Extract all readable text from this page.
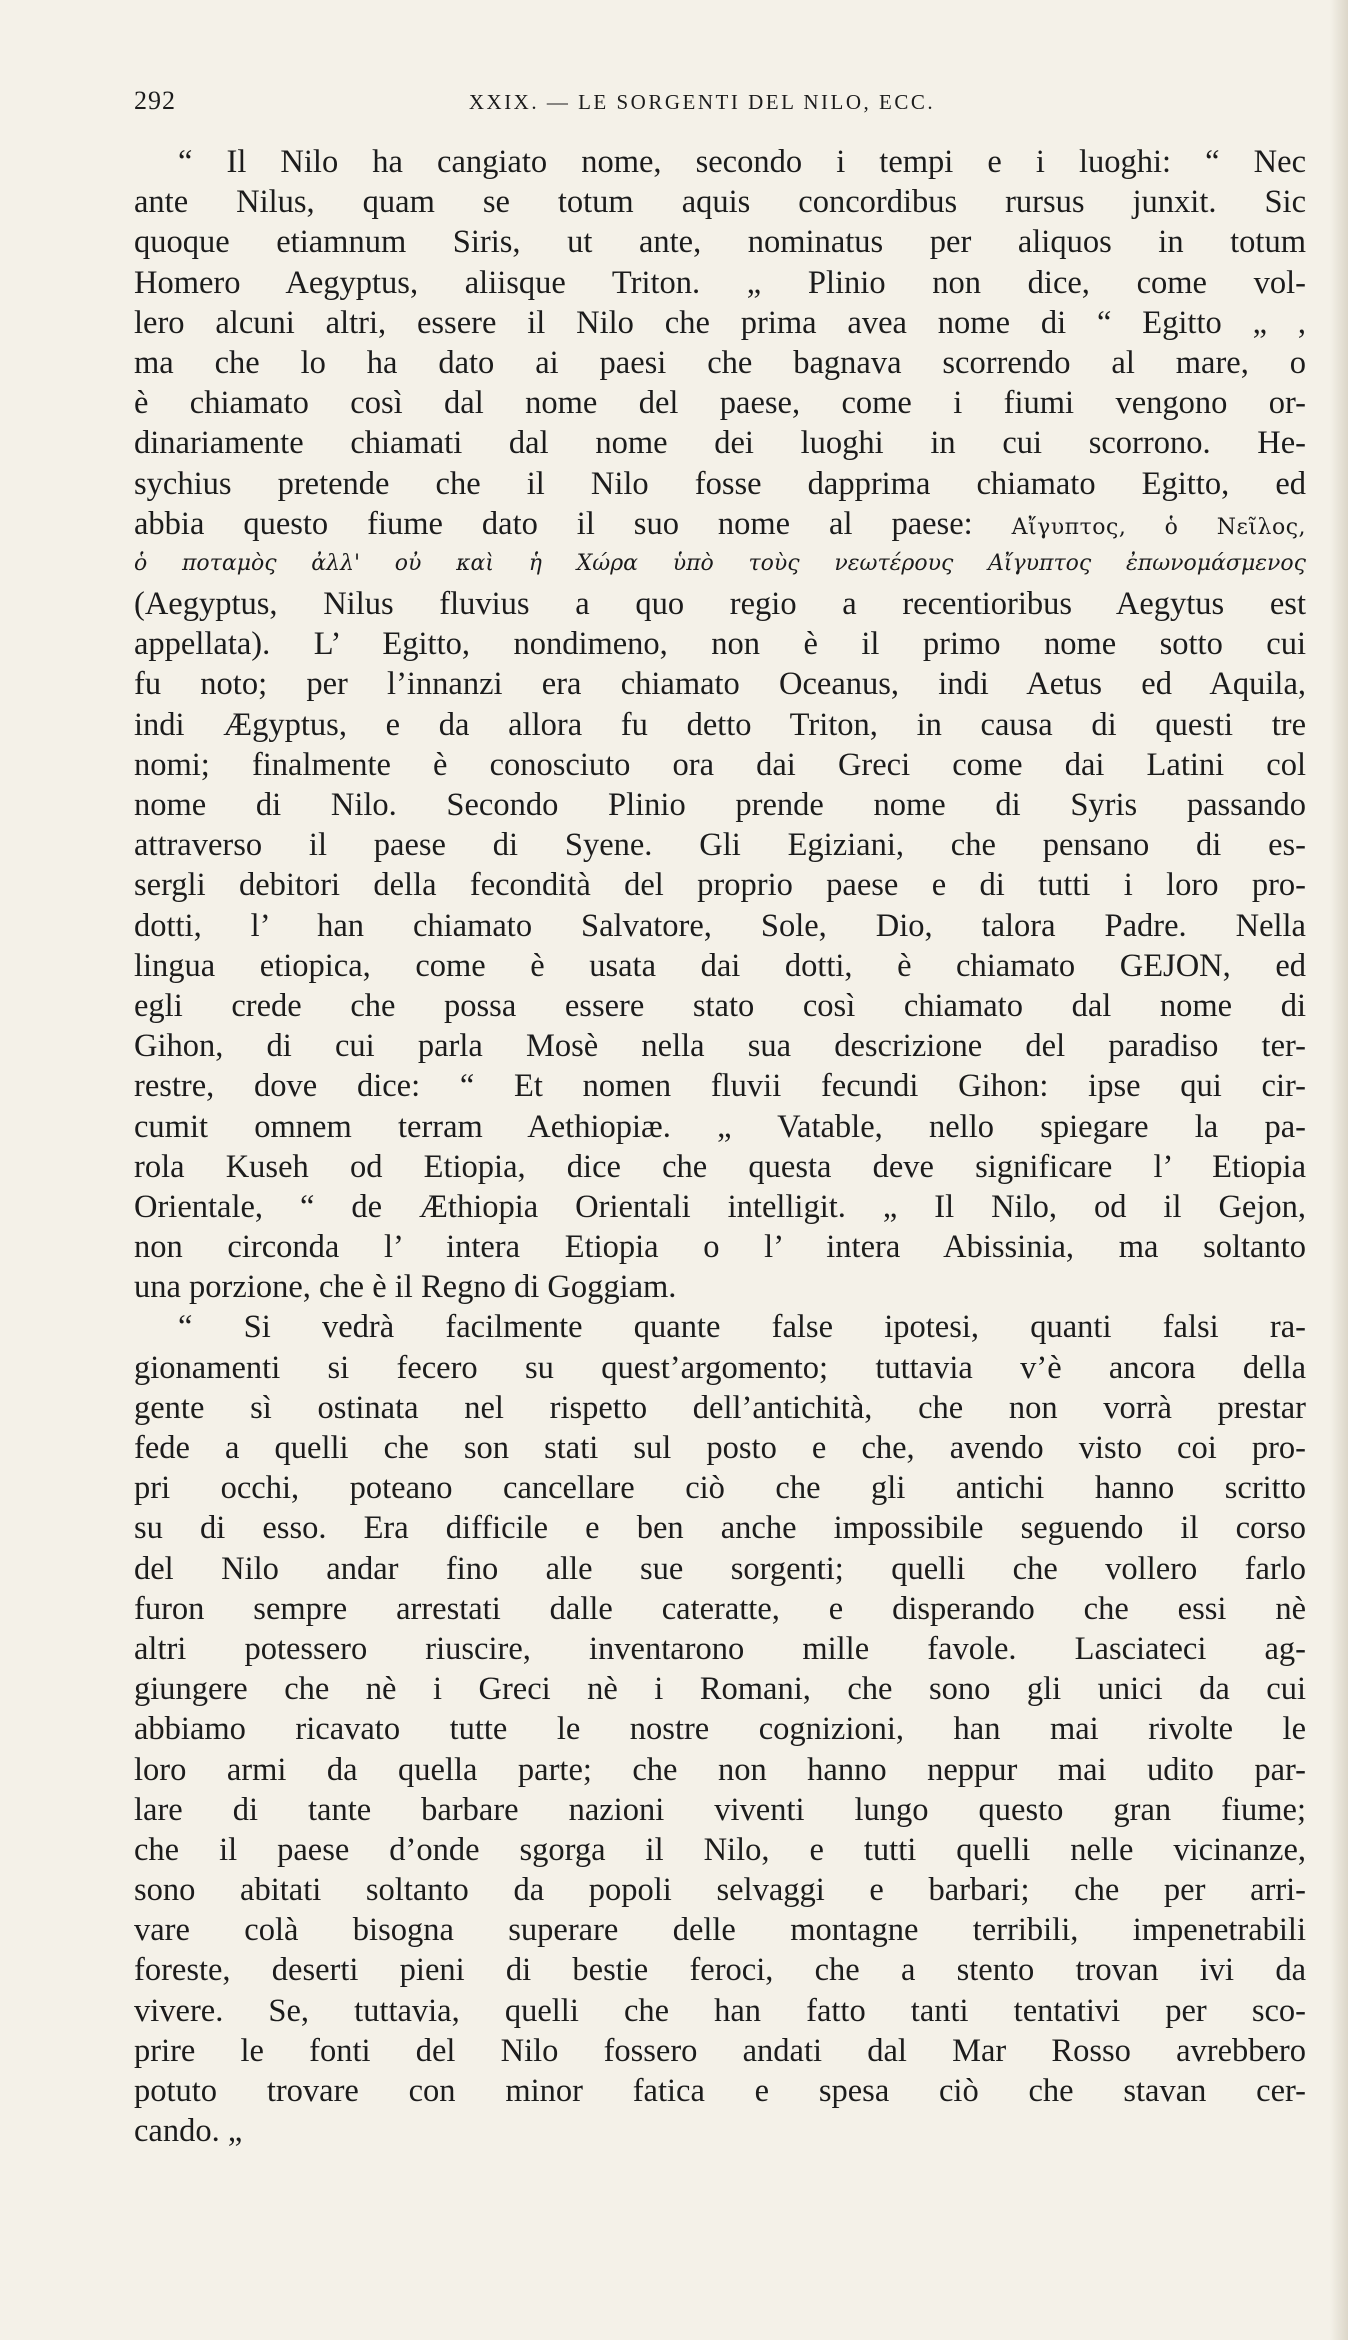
292	XXIX. — LE SORGENTI DEL NILO, ECC.
“ Il Nilo ha cangiato nome, secondo i tempi e i luoghi: “ Nec
ante Nilus, quam se totum aquis concordibus rursus junxit. Sic
quoque etiamnum Siris, ut ante, nominatus per aliquos in totum
Homero Aegyptus, aliisque Triton. „ Plinio non dice, come vol-
lero alcuni altri, essere il Nilo che prima avea nome di “ Egitto „ ,
ma che lo ha dato ai paesi che bagnava scorrendo al mare, o
è chiamato così dal nome del paese, come i fiumi vengono or-
dinariamente chiamati dal nome dei luoghi in cui scorrono. He-
sychius pretende che il Nilo fosse dapprima chiamato Egitto, ed
abbia questo fiume dato il suo nome al paese: Αἴγυπτος, ὁ Νεῖλος,
ὁ ποταμὸς ἀλλ' οὐ καὶ ἡ Χώρα ὑπὸ τοὺς νεωτέρους Αἴγυπτος ἐπωνομάσμενος
(Aegyptus, Nilus fluvius a quo regio a recentioribus Aegytus est
appellata). L’ Egitto, nondimeno, non è il primo nome sotto cui
fu noto; per l’innanzi era chiamato Oceanus, indi Aetus ed Aquila,
indi Ægyptus, e da allora fu detto Triton, in causa di questi tre
nomi; finalmente è conosciuto ora dai Greci come dai Latini col
nome di Nilo. Secondo Plinio prende nome di Syris passando
attraverso il paese di Syene. Gli Egiziani, che pensano di es-
sergli debitori della fecondità del proprio paese e di tutti i loro pro-
dotti, l’ han chiamato Salvatore, Sole, Dio, talora Padre. Nella
lingua etiopica, come è usata dai dotti, è chiamato GEJON, ed
egli crede che possa essere stato così chiamato dal nome di
Gihon, di cui parla Mosè nella sua descrizione del paradiso ter-
restre, dove dice: “ Et nomen fluvii fecundi Gihon: ipse qui cir-
cumit omnem terram Aethiopiæ. „ Vatable, nello spiegare la pa-
rola Kuseh od Etiopia, dice che questa deve significare l’ Etiopia
Orientale, “ de Æthiopia Orientali intelligit. „ Il Nilo, od il Gejon,
non circonda l’ intera Etiopia o l’ intera Abissinia, ma soltanto
una porzione, che è il Regno di Goggiam.
“ Si vedrà facilmente quante false ipotesi, quanti falsi ra-
gionamenti si fecero su quest’argomento; tuttavia v’è ancora della
gente sì ostinata nel rispetto dell’antichità, che non vorrà prestar
fede a quelli che son stati sul posto e che, avendo visto coi pro-
pri occhi, poteano cancellare ciò che gli antichi hanno scritto
su di esso. Era difficile e ben anche impossibile seguendo il corso
del Nilo andar fino alle sue sorgenti; quelli che vollero farlo
furon sempre arrestati dalle cateratte, e disperando che essi nè
altri potessero riuscire, inventarono mille favole. Lasciateci ag-
giungere che nè i Greci nè i Romani, che sono gli unici da cui
abbiamo ricavato tutte le nostre cognizioni, han mai rivolte le
loro armi da quella parte; che non hanno neppur mai udito par-
lare di tante barbare nazioni viventi lungo questo gran fiume;
che il paese d’onde sgorga il Nilo, e tutti quelli nelle vicinanze,
sono abitati soltanto da popoli selvaggi e barbari; che per arri-
vare colà bisogna superare delle montagne terribili, impenetrabili
foreste, deserti pieni di bestie feroci, che a stento trovan ivi da
vivere. Se, tuttavia, quelli che han fatto tanti tentativi per sco-
prire le fonti del Nilo fossero andati dal Mar Rosso avrebbero
potuto trovare con minor fatica e spesa ciò che stavan cer-
cando. „
